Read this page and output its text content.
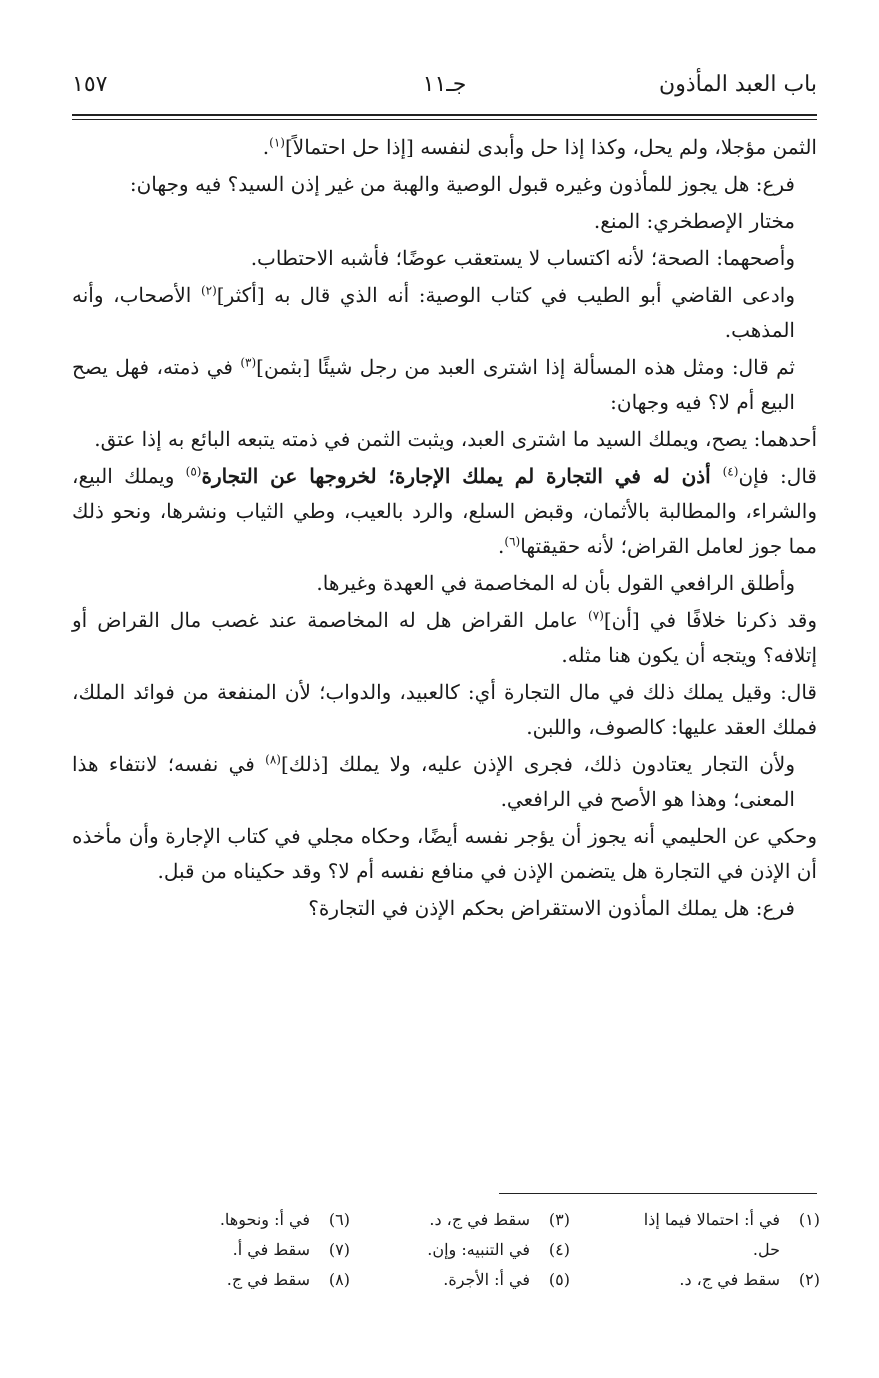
باب العبد المأذون
جـ١١
١٥٧

الثمن مؤجلا، ولم يحل، وكذا إذا حل وأبدى لنفسه [إذا حل احتمالاً]$^{(١)}$.

فرع: هل يجوز للمأذون وغيره قبول الوصية والهبة من غير إذن السيد؟ فيه وجهان:

مختار الإصطخري: المنع.

وأصحهما: الصحة؛ لأنه اكتساب لا يستعقب عوضًا؛ فأشبه الاحتطاب.

وادعى القاضي أبو الطيب في كتاب الوصية: أنه الذي قال به [أكثر]$^{(٢)}$ الأصحاب، وأنه المذهب.

ثم قال: ومثل هذه المسألة إذا اشترى العبد من رجل شيئًا [بثمن]$^{(٣)}$ في ذمته، فهل يصح البيع أم لا؟ فيه وجهان:

أحدهما: يصح، ويملك السيد ما اشترى العبد، ويثبت الثمن في ذمته يتبعه البائع به إذا عتق.

قال: فإن$^{(٤)}$ أذن له في التجارة لم يملك الإجارة؛ لخروجها عن التجارة$^{(٥)}$ ويملك البيع، والشراء، والمطالبة بالأثمان، وقبض السلع، والرد بالعيب، وطي الثياب ونشرها، ونحو ذلك مما جوز لعامل القراض؛ لأنه حقيقتها$^{(٦)}$.

وأطلق الرافعي القول بأن له المخاصمة في العهدة وغيرها.

وقد ذكرنا خلافًا في [أن]$^{(٧)}$ عامل القراض هل له المخاصمة عند غصب مال القراض أو إتلافه؟ ويتجه أن يكون هنا مثله.

قال: وقيل يملك ذلك في مال التجارة أي: كالعبيد، والدواب؛ لأن المنفعة من فوائد الملك، فملك العقد عليها: كالصوف، واللبن.

ولأن التجار يعتادون ذلك، فجرى الإذن عليه، ولا يملك [ذلك]$^{(٨)}$ في نفسه؛ لانتفاء هذا المعنى؛ وهذا هو الأصح في الرافعي.

وحكي عن الحليمي أنه يجوز أن يؤجر نفسه أيضًا، وحكاه مجلي في كتاب الإجارة وأن مأخذه أن الإذن في التجارة هل يتضمن الإذن في منافع نفسه أم لا؟ وقد حكيناه من قبل.

فرع: هل يملك المأذون الاستقراض بحكم الإذن في التجارة؟

(١)في أ: احتمالا فيما إذا
حل.
(٢)سقط في ج، د.
(٣)سقط في ج، د.
(٤)في التنبيه: وإن.
(٥)في أ: الأجرة.
(٦)في أ: ونحوها.
(٧)سقط في أ.
(٨)سقط في ج.
